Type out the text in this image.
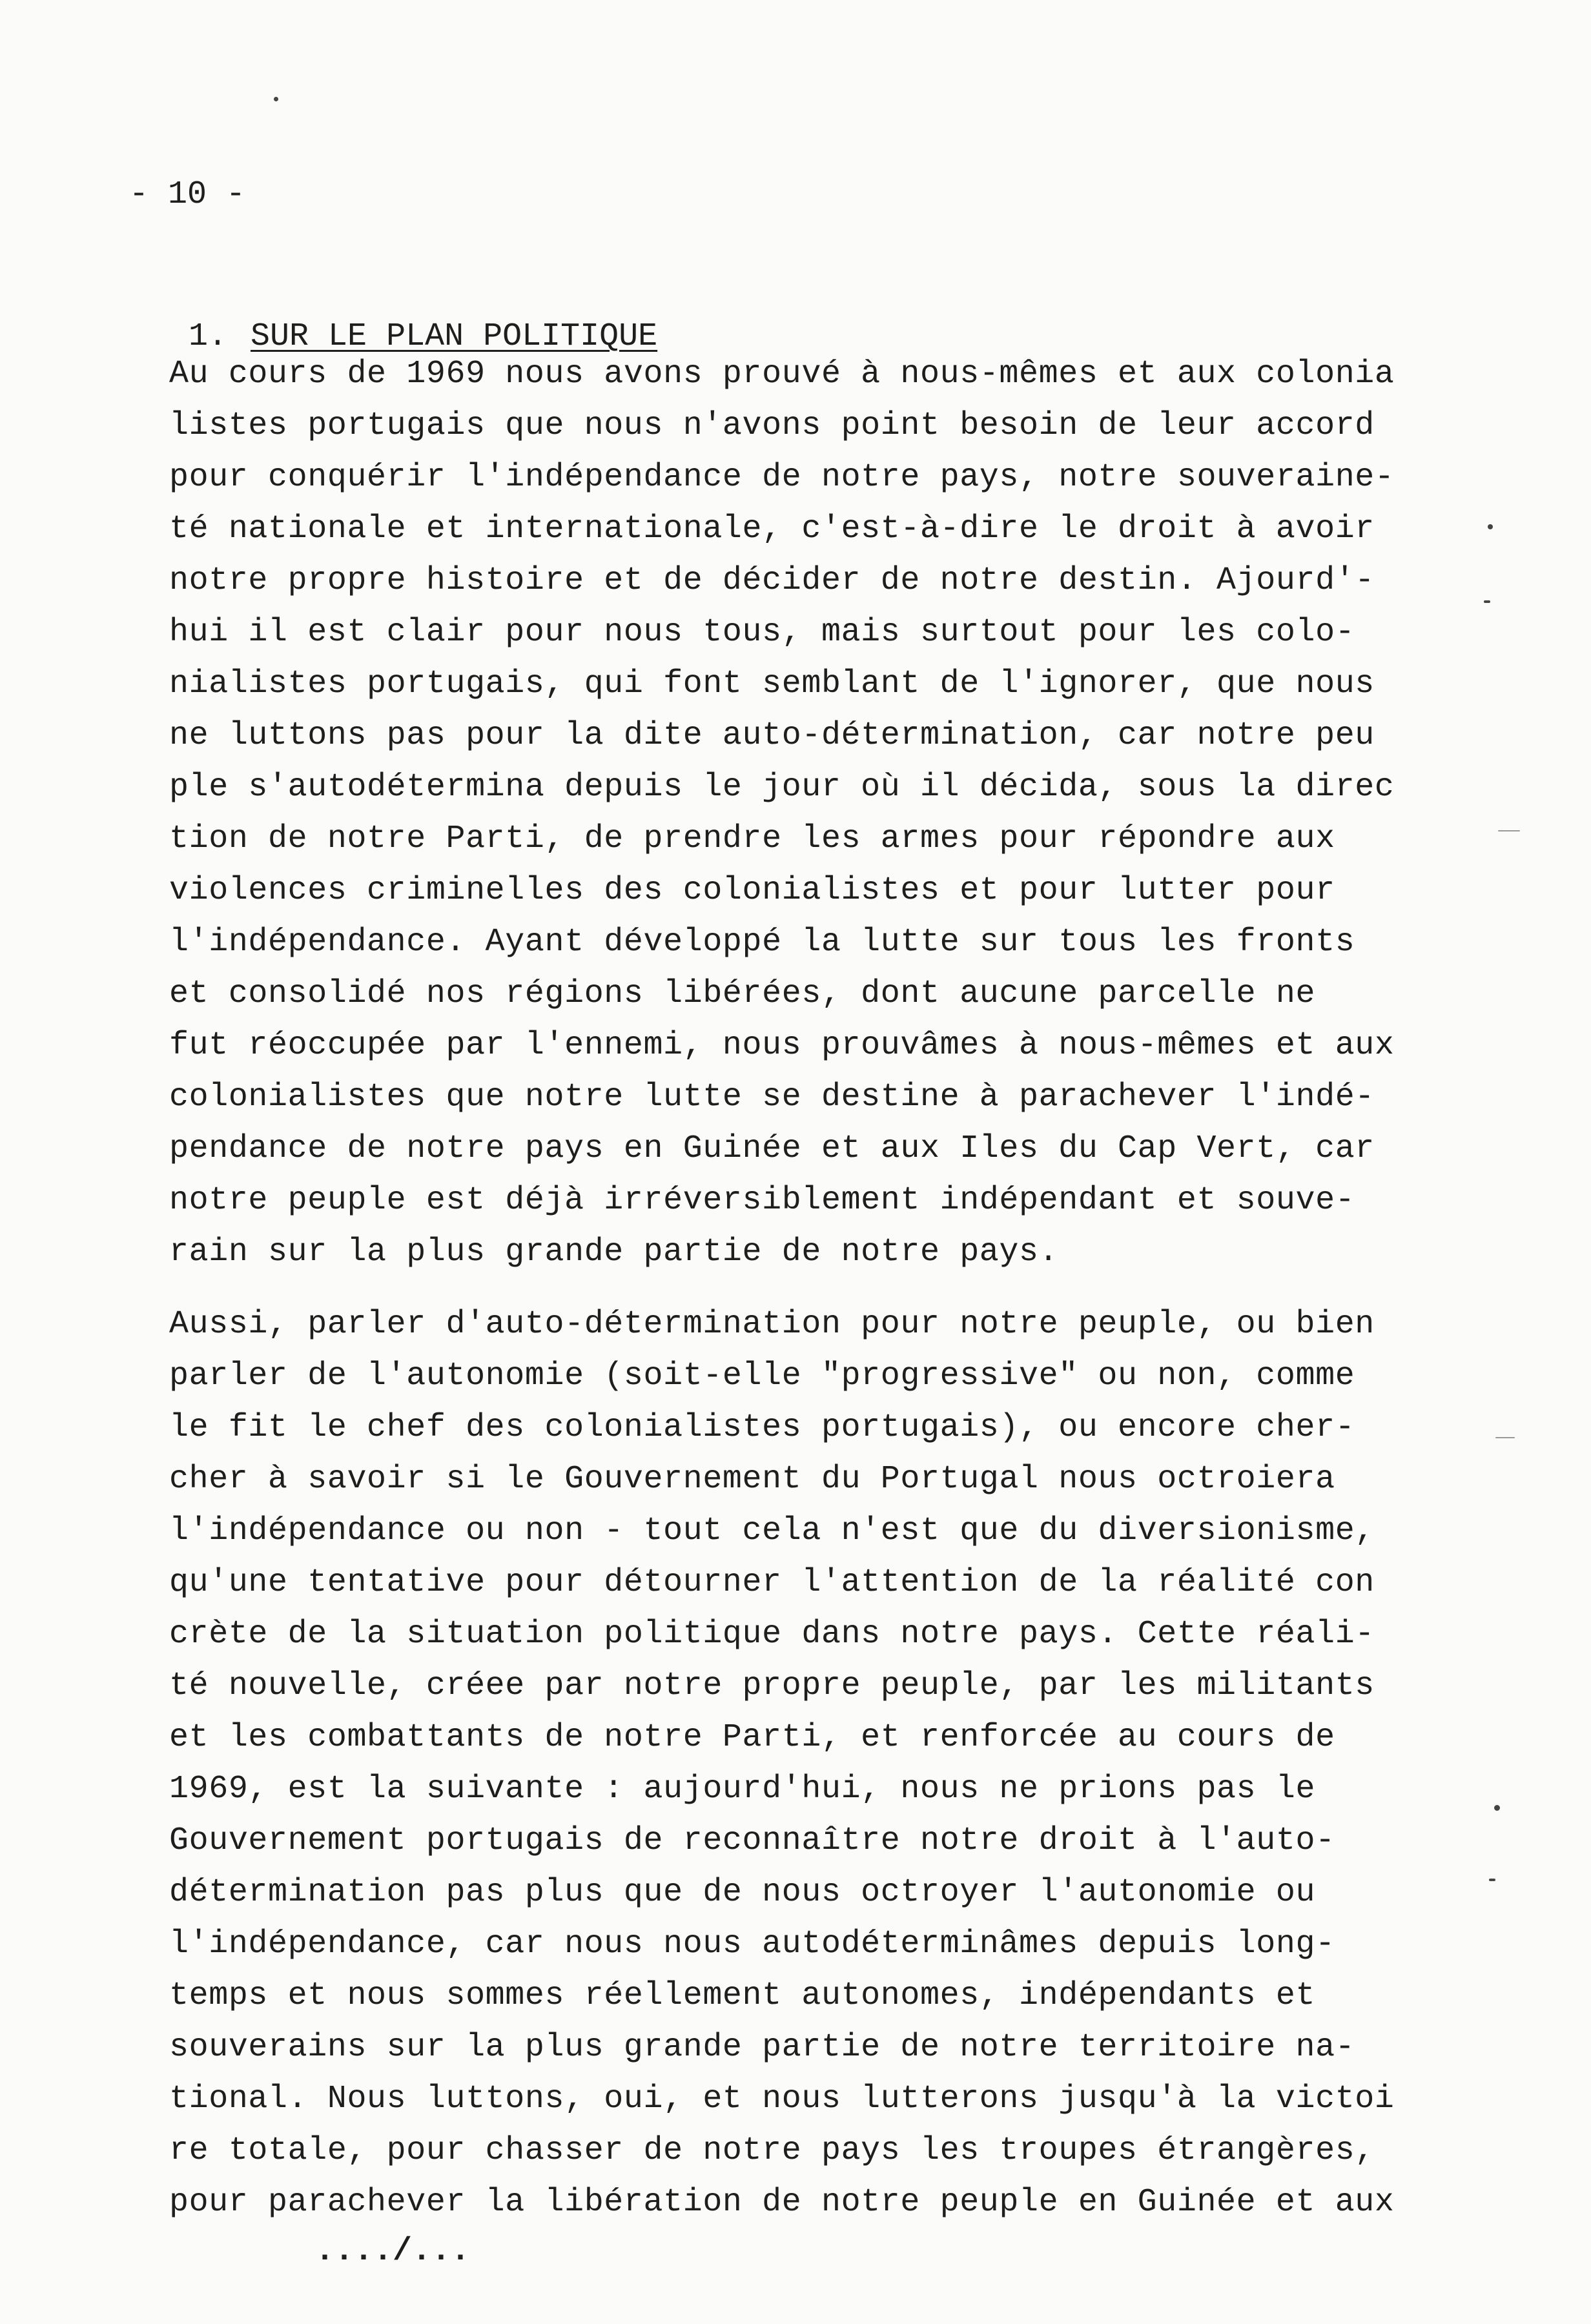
- 10 -

1. SUR LE PLAN POLITIQUE

Au cours de 1969 nous avons prouvé à nous-mêmes et aux colonia
listes portugais que nous n'avons point besoin de leur accord
pour conquérir l'indépendance de notre pays, notre souveraine-
té nationale et internationale, c'est-à-dire le droit à avoir
notre propre histoire et de décider de notre destin. Ajourd'-
hui il est clair pour nous tous, mais surtout pour les colo-
nialistes portugais, qui font semblant de l'ignorer, que nous
ne luttons pas pour la dite auto-détermination, car notre peu
ple s'autodétermina depuis le jour où il décida, sous la direc
tion de notre Parti, de prendre les armes pour répondre aux
violences criminelles des colonialistes et pour lutter pour
l'indépendance. Ayant développé la lutte sur tous les fronts
et consolidé nos régions libérées, dont aucune parcelle ne
fut réoccupée par l'ennemi, nous prouvâmes à nous-mêmes et aux
colonialistes que notre lutte se destine à parachever l'indé-
pendance de notre pays en Guinée et aux Iles du Cap Vert, car
notre peuple est déjà irréversiblement indépendant et souve-
rain sur la plus grande partie de notre pays.
Aussi, parler d'auto-détermination pour notre peuple, ou bien
parler de l'autonomie (soit-elle "progressive" ou non, comme
le fit le chef des colonialistes portugais), ou encore cher-
cher à savoir si le Gouvernement du Portugal nous octroiera
l'indépendance ou non - tout cela n'est que du diversionisme,
qu'une tentative pour détourner l'attention de la réalité con
crète de la situation politique dans notre pays. Cette réali-
té nouvelle, créee par notre propre peuple, par les militants
et les combattants de notre Parti, et renforcée au cours de
1969, est la suivante : aujourd'hui, nous ne prions pas le
Gouvernement portugais de reconnaître notre droit à l'auto-
détermination pas plus que de nous octroyer l'autonomie ou
l'indépendance, car nous nous autodéterminâmes depuis long-
temps et nous sommes réellement autonomes, indépendants et
souverains sur la plus grande partie de notre territoire na-
tional. Nous luttons, oui, et nous lutterons jusqu'à la victoi
re totale, pour chasser de notre pays les troupes étrangères,
pour parachever la libération de notre peuple en Guinée et aux
..../...
